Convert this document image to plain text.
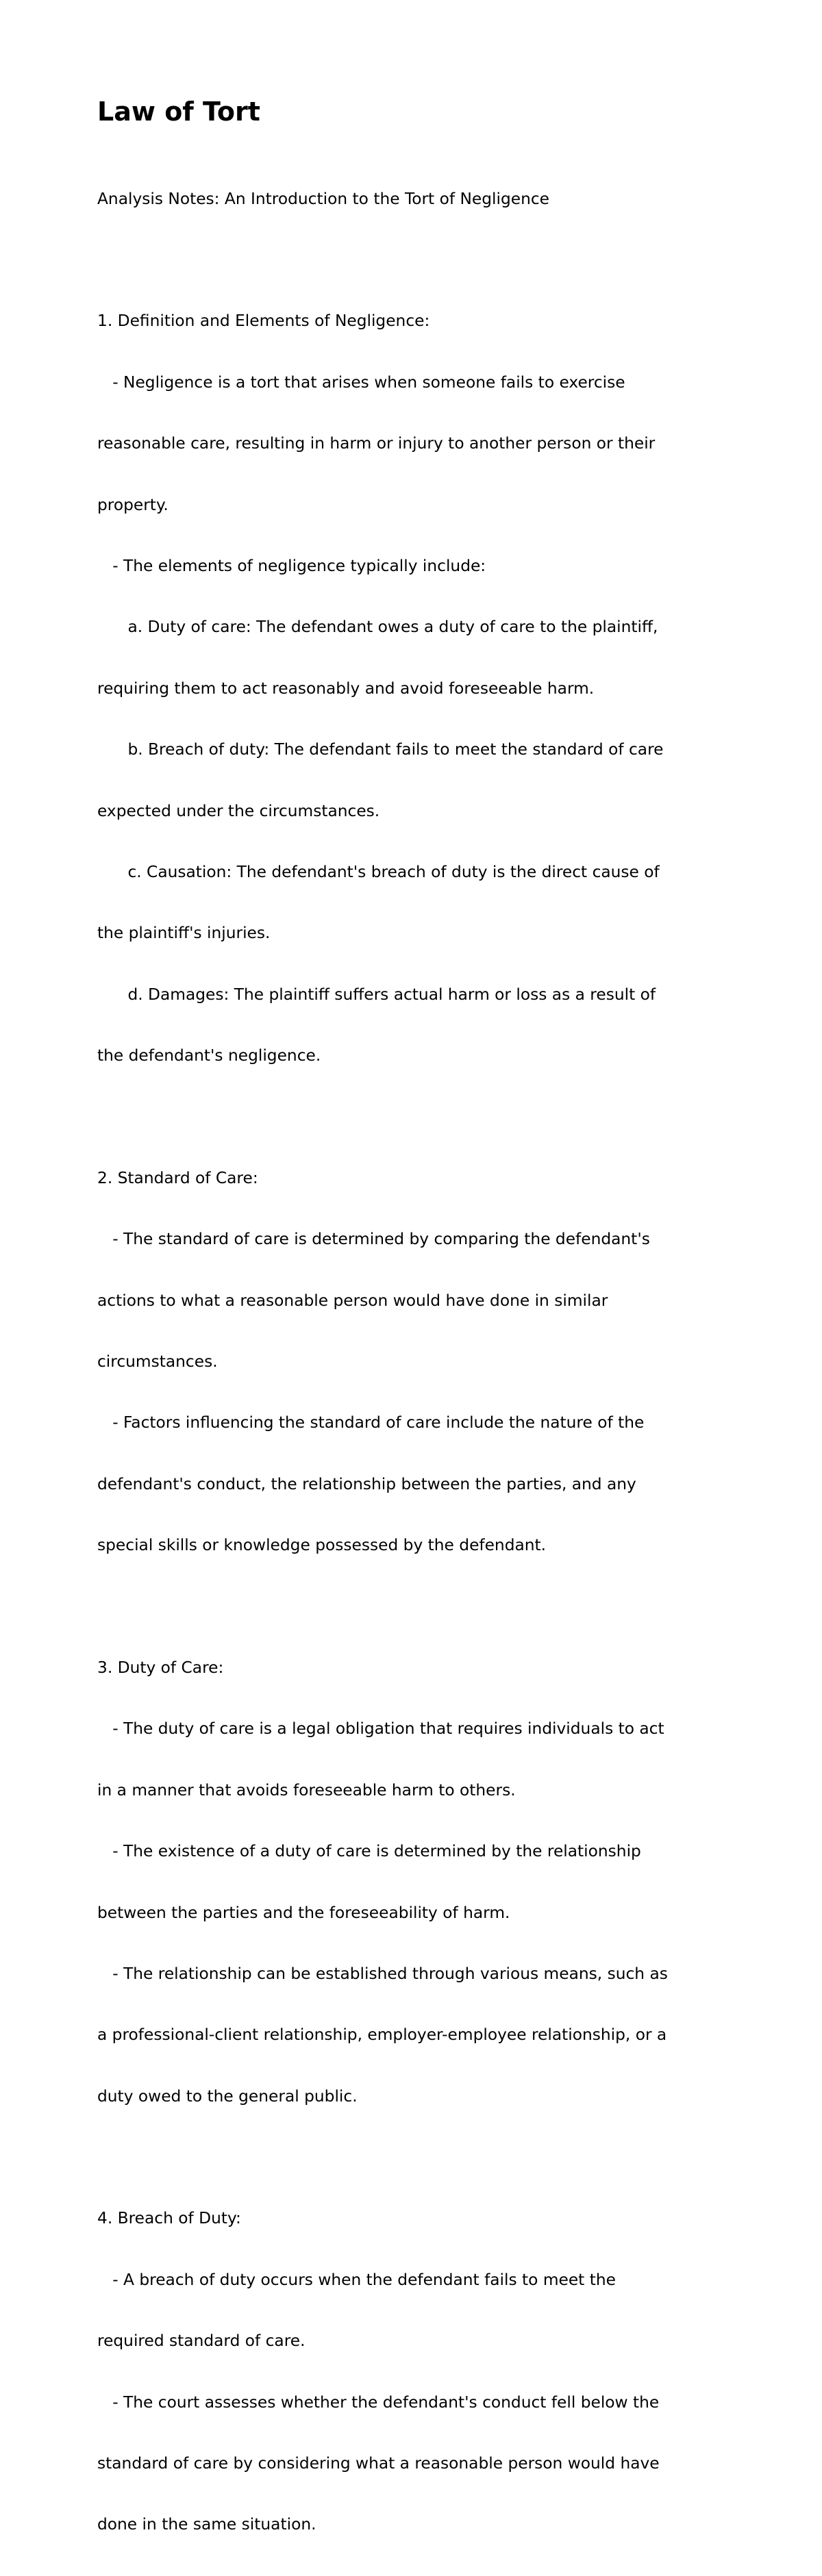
Law of Tort

Analysis Notes: An Introduction to the Tort of Negligence

1. Definition and Elements of Negligence:

- Negligence is a tort that arises when someone fails to exercise

reasonable care, resulting in harm or injury to another person or their

property.

- The elements of negligence typically include:

a. Duty of care: The defendant owes a duty of care to the plaintiff,

requiring them to act reasonably and avoid foreseeable harm.

b. Breach of duty: The defendant fails to meet the standard of care

expected under the circumstances.

c. Causation: The defendant's breach of duty is the direct cause of

the plaintiff's injuries.

d. Damages: The plaintiff suffers actual harm or loss as a result of

the defendant's negligence.

2. Standard of Care:

- The standard of care is determined by comparing the defendant's

actions to what a reasonable person would have done in similar

circumstances.

- Factors influencing the standard of care include the nature of the

defendant's conduct, the relationship between the parties, and any

special skills or knowledge possessed by the defendant.

3. Duty of Care:

- The duty of care is a legal obligation that requires individuals to act

in a manner that avoids foreseeable harm to others.

- The existence of a duty of care is determined by the relationship

between the parties and the foreseeability of harm.

- The relationship can be established through various means, such as

a professional-client relationship, employer-employee relationship, or a

duty owed to the general public.

4. Breach of Duty:

- A breach of duty occurs when the defendant fails to meet the

required standard of care.

- The court assesses whether the defendant's conduct fell below the

standard of care by considering what a reasonable person would have

done in the same situation.
